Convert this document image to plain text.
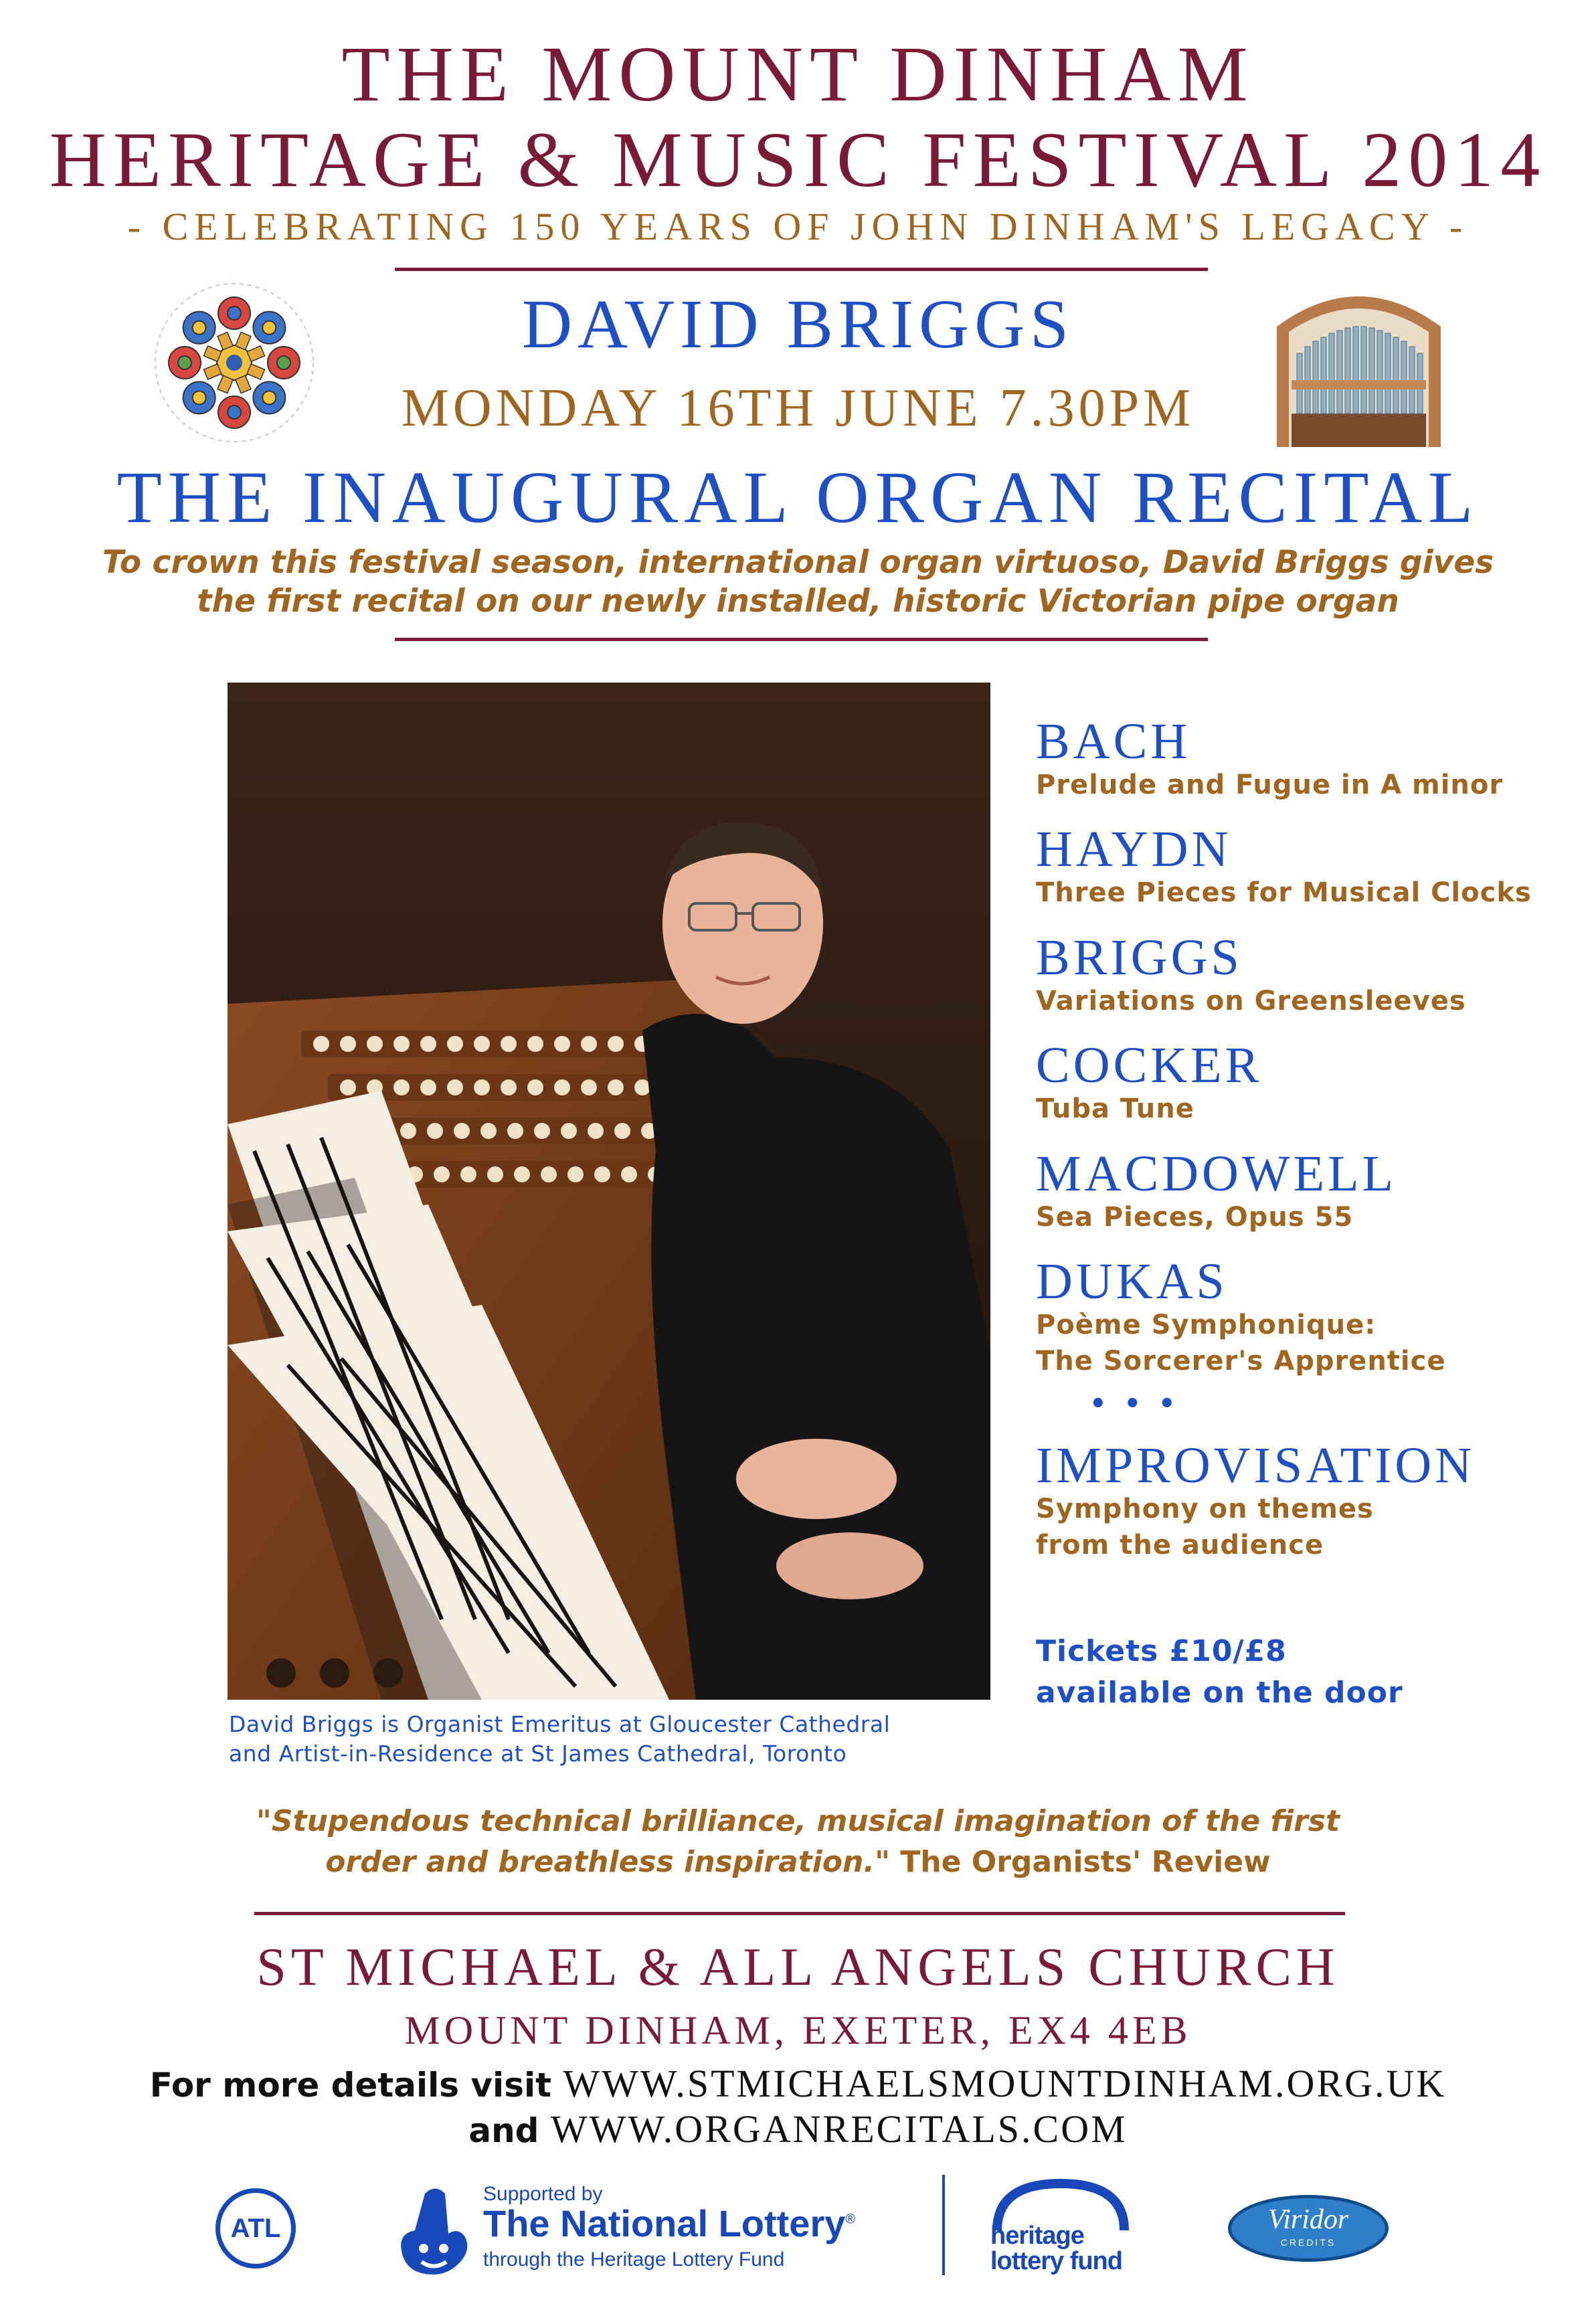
THE MOUNT DINHAM
HERITAGE & MUSIC FESTIVAL 2014
- CELEBRATING 150 YEARS OF JOHN DINHAM'S LEGACY -
DAVID BRIGGS
MONDAY 16TH JUNE 7.30PM
THE INAUGURAL ORGAN RECITAL
To crown this festival season, international organ virtuoso, David Briggs gives
the first recital on our newly installed, historic Victorian pipe organ
David Briggs is Organist Emeritus at Gloucester Cathedral
and Artist-in-Residence at St James Cathedral, Toronto
BACH
Prelude and Fugue in A minor
HAYDN
Three Pieces for Musical Clocks
BRIGGS
Variations on Greensleeves
COCKER
Tuba Tune
MACDOWELL
Sea Pieces, Opus 55
DUKAS
Poème Symphonique:
The Sorcerer's Apprentice
• • •
IMPROVISATION
Symphony on themes
from the audience
Tickets £10/£8
available on the door
"Stupendous technical brilliance, musical imagination of the first
order and breathless inspiration." The Organists' Review
ST MICHAEL & ALL ANGELS CHURCH
MOUNT DINHAM, EXETER, EX4 4EB
For more details visit WWW.STMICHAELSMOUNTDINHAM.ORG.UK
and WWW.ORGANRECITALS.COM
ATL
Supported by
The National Lottery®
through the Heritage Lottery Fund
heritage
lottery fund
Viridor
CREDITS
